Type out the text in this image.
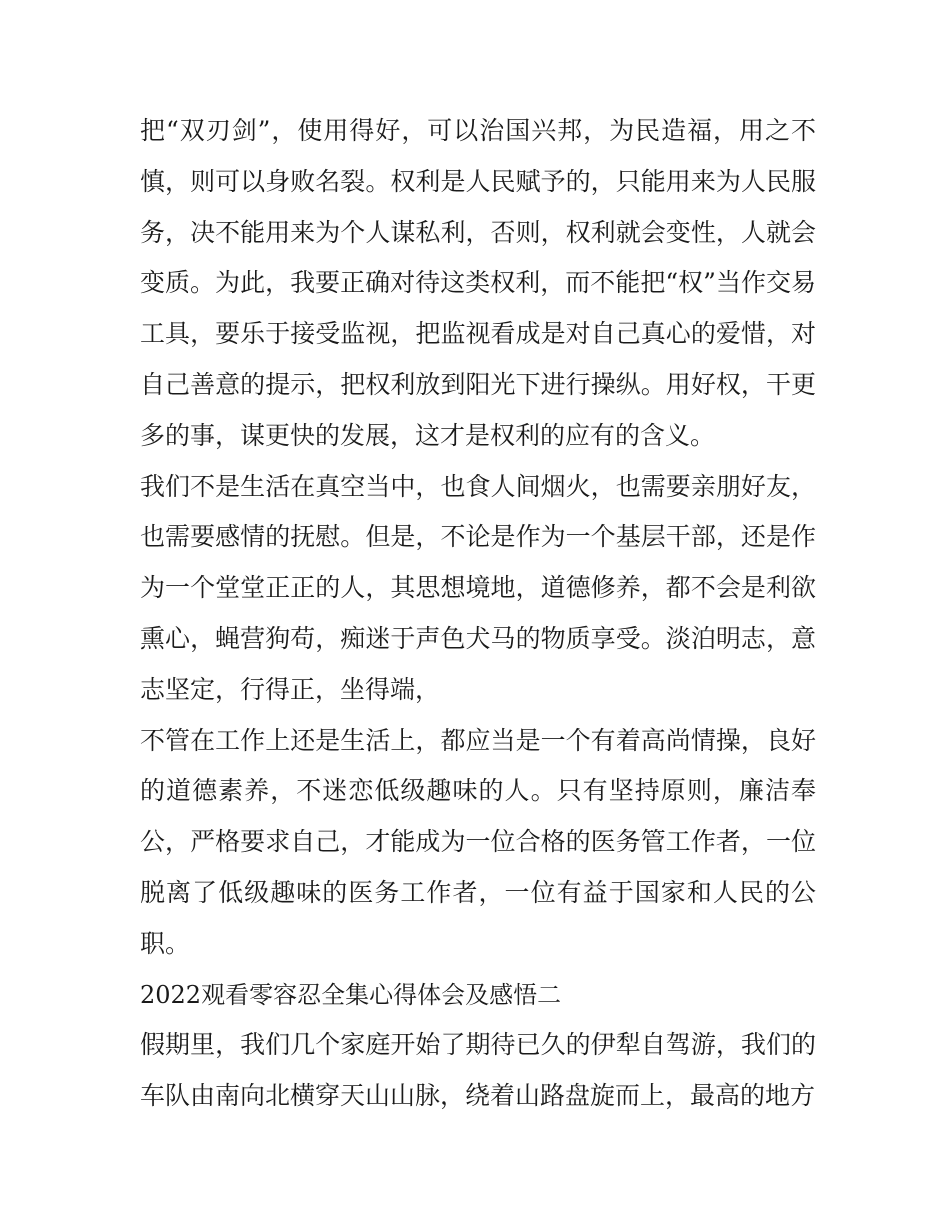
把“双刃剑”，使用得好，可以治国兴邦，为民造福，用之不慎，则可以身败名裂。权利是人民赋予的，只能用来为人民服务，决不能用来为个人谋私利，否则，权利就会变性，人就会变质。为此，我要正确对待这类权利，而不能把“权”当作交易工具，要乐于接受监视，把监视看成是对自己真心的爱惜，对自己善意的提示，把权利放到阳光下进行操纵。用好权，干更多的事，谋更快的发展，这才是权利的应有的含义。

我们不是生活在真空当中，也食人间烟火，也需要亲朋好友，也需要感情的抚慰。但是，不论是作为一个基层干部，还是作为一个堂堂正正的人，其思想境地，道德修养，都不会是利欲熏心，蝇营狗苟，痴迷于声色犬马的物质享受。淡泊明志，意志坚定，行得正，坐得端，

不管在工作上还是生活上，都应当是一个有着高尚情操，良好的道德素养，不迷恋低级趣味的人。只有坚持原则，廉洁奉公，严格要求自己，才能成为一位合格的医务管工作者，一位脱离了低级趣味的医务工作者，一位有益于国家和人民的公职。

2022观看零容忍全集心得体会及感悟二

假期里，我们几个家庭开始了期待已久的伊犁自驾游，我们的车队由南向北横穿天山山脉，绕着山路盘旋而上，最高的地方
